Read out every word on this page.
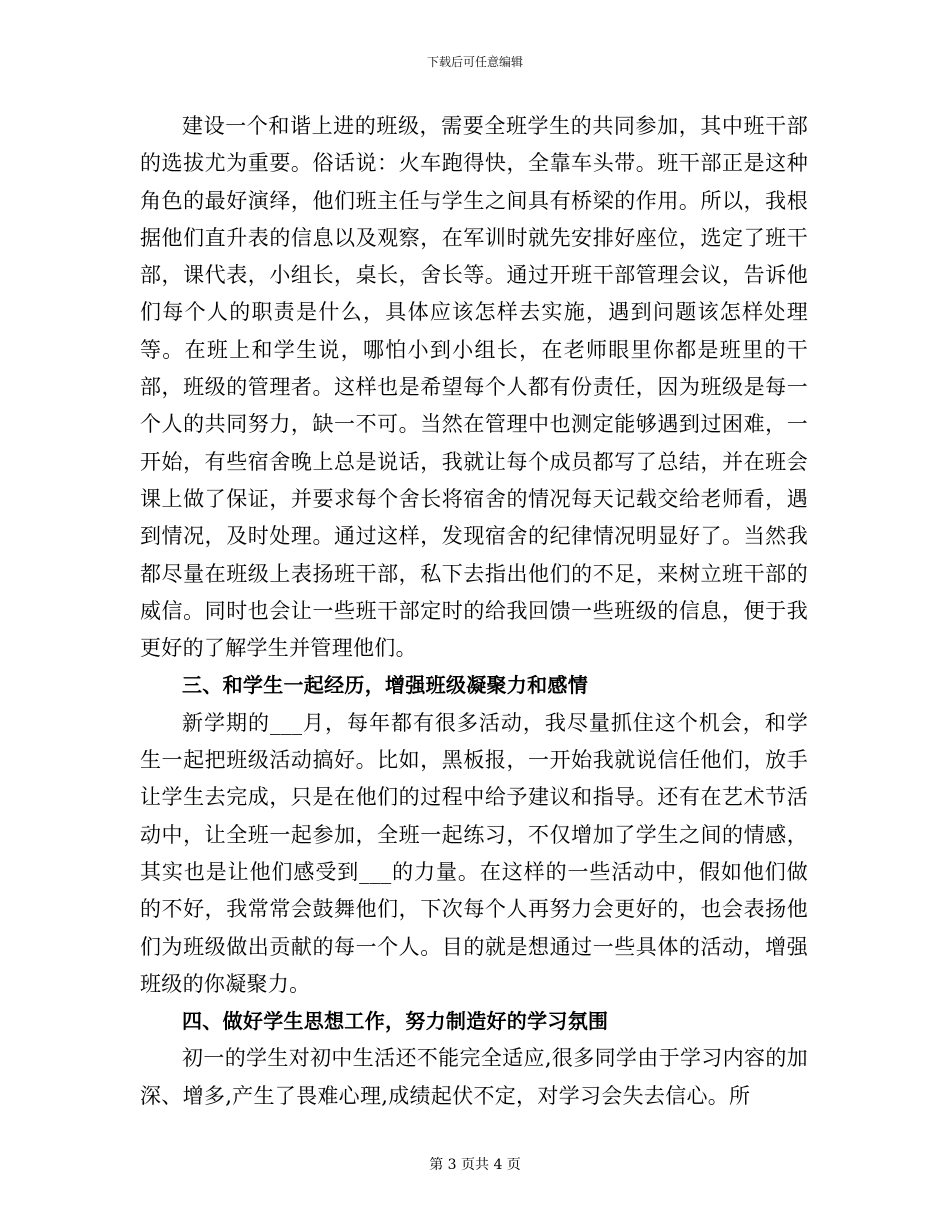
下载后可任意编辑

建设一个和谐上进的班级，需要全班学生的共同参加，其中班干部的选拔尤为重要。俗话说：火车跑得快，全靠车头带。班干部正是这种角色的最好演绎，他们班主任与学生之间具有桥梁的作用。所以，我根据他们直升表的信息以及观察，在军训时就先安排好座位，选定了班干部，课代表，小组长，桌长，舍长等。通过开班干部管理会议，告诉他们每个人的职责是什么，具体应该怎样去实施，遇到问题该怎样处理等。在班上和学生说，哪怕小到小组长，在老师眼里你都是班里的干部，班级的管理者。这样也是希望每个人都有份责任，因为班级是每一个人的共同努力，缺一不可。当然在管理中也测定能够遇到过困难，一开始，有些宿舍晚上总是说话，我就让每个成员都写了总结，并在班会课上做了保证，并要求每个舍长将宿舍的情况每天记载交给老师看，遇到情况，及时处理。通过这样，发现宿舍的纪律情况明显好了。当然我都尽量在班级上表扬班干部，私下去指出他们的不足，来树立班干部的威信。同时也会让一些班干部定时的给我回馈一些班级的信息，便于我更好的了解学生并管理他们。

三、和学生一起经历，增强班级凝聚力和感情

新学期的___月，每年都有很多活动，我尽量抓住这个机会，和学生一起把班级活动搞好。比如，黑板报，一开始我就说信任他们，放手让学生去完成，只是在他们的过程中给予建议和指导。还有在艺术节活动中，让全班一起参加，全班一起练习，不仅增加了学生之间的情感，其实也是让他们感受到___的力量。在这样的一些活动中，假如他们做的不好，我常常会鼓舞他们，下次每个人再努力会更好的，也会表扬他们为班级做出贡献的每一个人。目的就是想通过一些具体的活动，增强班级的你凝聚力。

四、做好学生思想工作，努力制造好的学习氛围

初一的学生对初中生活还不能完全适应,很多同学由于学习内容的加深、增多,产生了畏难心理,成绩起伏不定，对学习会失去信心。所

第 3 页共 4 页
